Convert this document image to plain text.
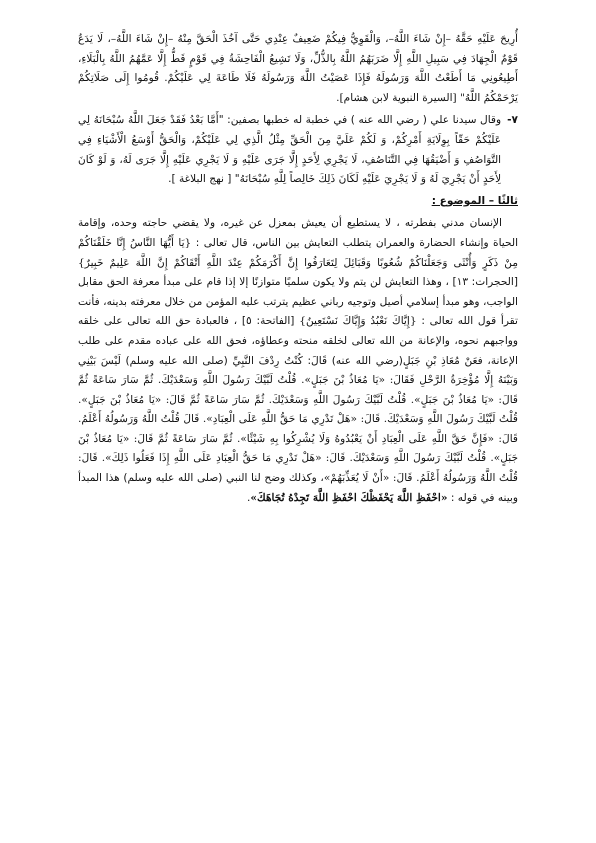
أُرِيحَ عَلَيْهِ حَقَّهُ –إِنْ شَاءَ اللَّهُ–، وَالْقَوِيُّ فِيكُمْ ضَعِيفٌ عِنْدِي حَتَّى آخُذَ الْحَقَّ مِنْهُ –إِنْ شَاءَ اللَّهُ–، لَا يَدَعُ قَوْمٌ الْجِهَادَ فِي سَبِيلِ اللَّهِ إِلَّا ضَرَبَهُمُ اللَّهُ بِالذُّلِّ، وَلَا تَشِيعُ الْفَاحِشَةُ فِي قَوْمٍ قَطُّ إِلَّا عَمَّهُمُ اللَّهُ بِالْبَلَاءِ، أَطِيعُونِي مَا أَطَعْتُ اللَّهَ وَرَسُولَهُ فَإِذَا عَصَيْتُ اللَّهَ وَرَسُولَهُ فَلَا طَاعَةَ لِي عَلَيْكُمْ. قُومُوا إِلَى صَلَاتِكُمْ يَرْحَمْكُمُ اللَّهُ" [السيرة النبوية لابن هشام].

٧-

وقال سيدنا علي ( رضي الله عنه ) في خطبة له خطبها بصفين: "أَمَّا بَعْدُ فَقَدْ جَعَلَ اللَّهُ سُبْحَانَهُ لِي عَلَيْكُمْ حَقّاً بِوِلَايَةِ أَمْرِكُمْ، وَ لَكُمْ عَلَيَّ مِنَ الْحَقِّ مِثْلُ الَّذِي لِي عَلَيْكُمْ، وَالْحَقُّ أَوْسَعُ الْأَشْيَاءِ فِي التَّوَاصُفِ وَ أَضْيَقُهَا فِي التَّنَاصُفِ، لَا يَجْرِي لِأَحَدٍ إِلَّا جَرَى عَلَيْهِ وَ لَا يَجْرِي عَلَيْهِ إِلَّا جَرَى لَهُ، وَ لَوْ كَانَ لِأَحَدٍ أَنْ يَجْرِيَ لَهُ وَ لَا يَجْرِيَ عَلَيْهِ لَكَانَ ذَلِكَ خَالِصاً لِلَّهِ سُبْحَانَهُ" [ نهج البلاغة ].

ثالثًا – الموضوع :

الإنسان مدني بفطرته ، لا يستطيع أن يعيش بمعزل عن غيره، ولا يقضي حاجته وحده، وإقامة الحياة وإنشاء الحضارة والعمران يتطلب التعايش بين الناس، قال تعالى : {يَا أَيُّهَا النَّاسُ إِنَّا خَلَقْنَاكُمْ مِنْ ذَكَرٍ وَأُنْثَى وَجَعَلْنَاكُمْ شُعُوبًا وَقَبَائِلَ لِتَعَارَفُوا إِنَّ أَكْرَمَكُمْ عِنْدَ اللَّهِ أَتْقَاكُمْ إِنَّ اللَّهَ عَلِيمٌ خَبِيرٌ} [الحجرات: ١٣] ، وهذا التعايش لن يتم ولا يكون سلميًا متوازنًا إلا إذا قام على مبدأ معرفة الحق مقابل الواجب، وهو مبدأ إسلامي أصيل وتوجيه رباني عظيم يترتب عليه المؤمن من خلال معرفته بدينه، فأنت تقرأ قول الله تعالى : {إِيَّاكَ نَعْبُدُ وَإِيَّاكَ نَسْتَعِينُ} [الفاتحة: ٥] ، فالعبادة حق الله تعالى على خلقه وواجبهم نحوه، والإعانة من الله تعالى لخلقه منحته وعطاؤه، فحق الله على عباده مقدم على طلب الإعانة، فعَنْ مُعَاذِ بْنِ جَبَلٍ(رضي الله عنه) قَالَ: كُنْتُ رِدْفَ النَّبِيِّ (صلى الله عليه وسلم) لَيْسَ بَيْنِي وَبَيْنَهُ إِلَّا مُؤْخِرَةُ الرَّحْلِ فَقَالَ: «يَا مُعَاذُ بْنَ جَبَلٍ». قُلْتُ لَبَّيْكَ رَسُولَ اللَّهِ وَسَعْدَيْكَ. ثُمَّ سَارَ سَاعَةً ثُمَّ قَالَ: «يَا مُعَاذُ بْنَ جَبَلٍ». قُلْتُ لَبَّيْكَ رَسُولَ اللَّهِ وَسَعْدَيْكَ. ثُمَّ سَارَ سَاعَةً ثُمَّ قَالَ: «يَا مُعَاذُ بْنَ جَبَلٍ». قُلْتُ لَبَّيْكَ رَسُولَ اللَّهِ وَسَعْدَيْكَ. قَالَ: «هَلْ تَدْرِي مَا حَقُّ اللَّهِ عَلَى الْعِبَادِ». قَالَ قُلْتُ اللَّهُ وَرَسُولُهُ أَعْلَمُ. قَالَ: «فَإِنَّ حَقَّ اللَّهِ عَلَى الْعِبَادِ أَنْ يَعْبُدُوهُ وَلَا يُشْرِكُوا بِهِ شَيْئًا». ثُمَّ سَارَ سَاعَةً ثُمَّ قَالَ: «يَا مُعَاذُ بْنَ جَبَلٍ». قُلْتُ لَبَّيْكَ رَسُولَ اللَّهِ وَسَعْدَيْكَ. قَالَ: «هَلْ تَدْرِي مَا حَقُّ الْعِبَادِ عَلَى اللَّهِ إِذَا فَعَلُوا ذَلِكَ». قَالَ: قُلْتُ اللَّهُ وَرَسُولُهُ أَعْلَمُ. قَالَ: «أَنْ لَا يُعَذِّبَهُمْ»، وكذلك وضح لنا النبي (صلى الله عليه وسلم) هذا المبدأ وبينه في قوله : «احْفَظِ اللَّهَ يَحْفَظْكَ احْفَظِ اللَّهَ تَجِدْهُ تُجَاهَكَ».
